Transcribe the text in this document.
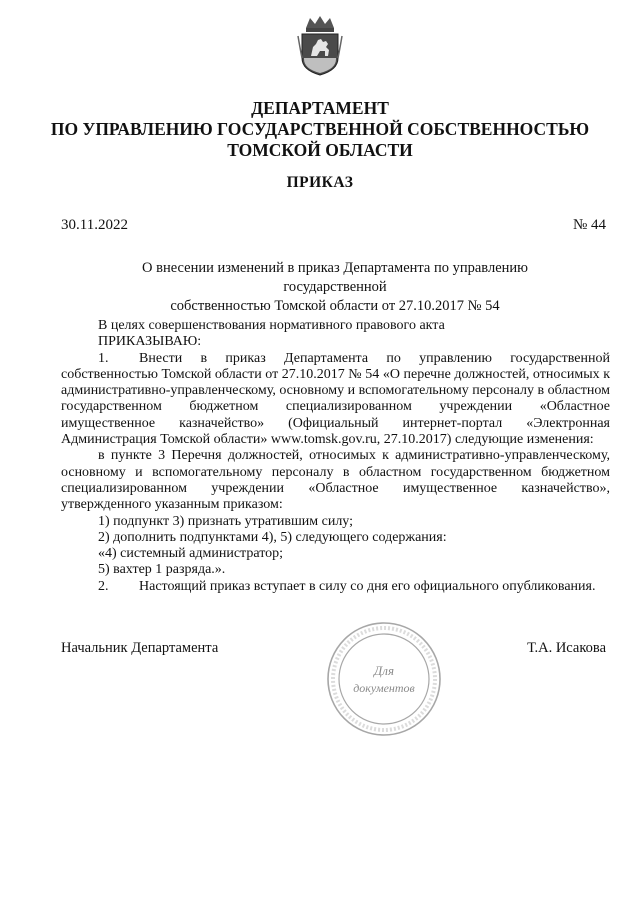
ДЕПАРТАМЕНТ
ПО УПРАВЛЕНИЮ ГОСУДАРСТВЕННОЙ СОБСТВЕННОСТЬЮ
ТОМСКОЙ ОБЛАСТИ
ПРИКАЗ
30.11.2022	№ 44
О внесении изменений в приказ Департамента по управлению государственной
собственностью Томской области от 27.10.2017 № 54

В целях совершенствования нормативного правового акта

ПРИКАЗЫВАЮ:

1. Внести в приказ Департамента по управлению государственной собственностью Томской области от 27.10.2017 № 54 «О перечне должностей, относимых к административно-управленческому, основному и вспомогательному персоналу в областном государственном бюджетном специализированном учреждении «Областное имущественное казначейство» (Официальный интернет-портал «Электронная Администрация Томской области» www.tomsk.gov.ru, 27.10.2017) следующие изменения:

в пункте 3 Перечня должностей, относимых к административно-управленческому, основному и вспомогательному персоналу в областном государственном бюджетном специализированном учреждении «Областное имущественное казначейство», утвержденного указанным приказом:

1) подпункт 3) признать утратившим силу;

2) дополнить подпунктами 4), 5) следующего содержания:

«4) системный администратор;

5) вахтер 1 разряда.».

2. Настоящий приказ вступает в силу со дня его официального опубликования.

Начальник Департамента	Т.А. Исакова
Для
документов
